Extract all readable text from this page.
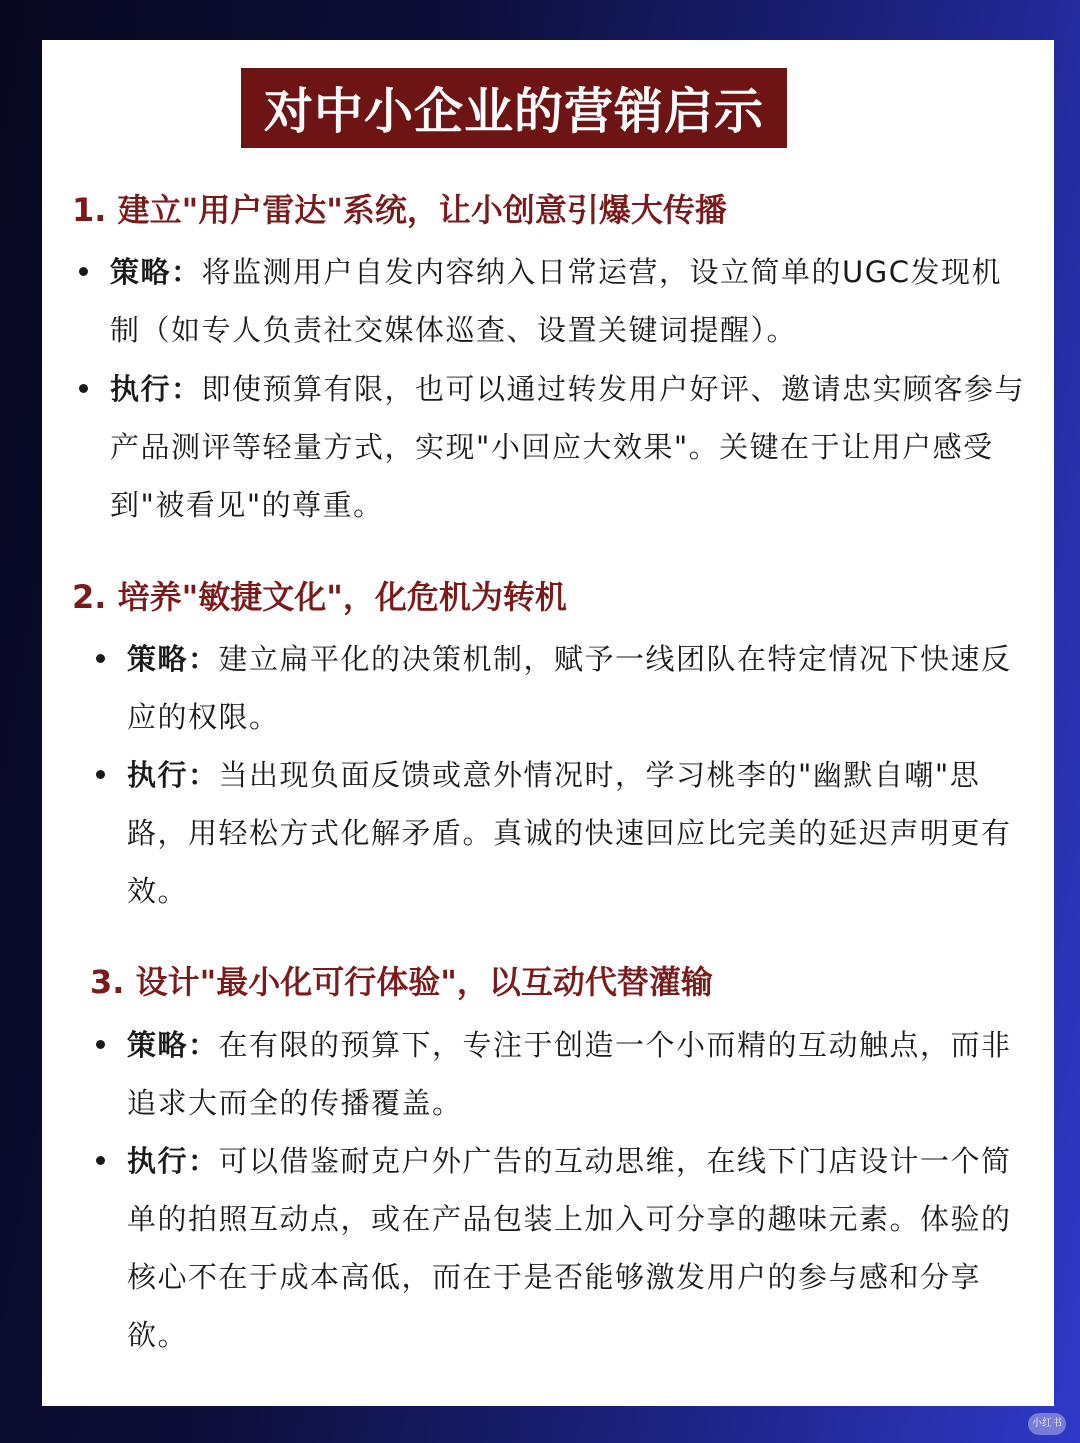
对中小企业的营销启示
1. 建立"用户雷达"系统，让小创意引爆大传播
策略：将监测用户自发内容纳入日常运营，设立简单的UGC发现机制（如专人负责社交媒体巡查、设置关键词提醒）。
执行：即使预算有限，也可以通过转发用户好评、邀请忠实顾客参与产品测评等轻量方式，实现"小回应大效果"。关键在于让用户感受到"被看见"的尊重。
2. 培养"敏捷文化"，化危机为转机
策略：建立扁平化的决策机制，赋予一线团队在特定情况下快速反应的权限。
执行：当出现负面反馈或意外情况时，学习桃李的"幽默自嘲"思路，用轻松方式化解矛盾。真诚的快速回应比完美的延迟声明更有效。
3. 设计"最小化可行体验"，以互动代替灌输
策略：在有限的预算下，专注于创造一个小而精的互动触点，而非追求大而全的传播覆盖。
执行：可以借鉴耐克户外广告的互动思维，在线下门店设计一个简单的拍照互动点，或在产品包装上加入可分享的趣味元素。体验的核心不在于成本高低，而在于是否能够激发用户的参与感和分享欲。
小红书
